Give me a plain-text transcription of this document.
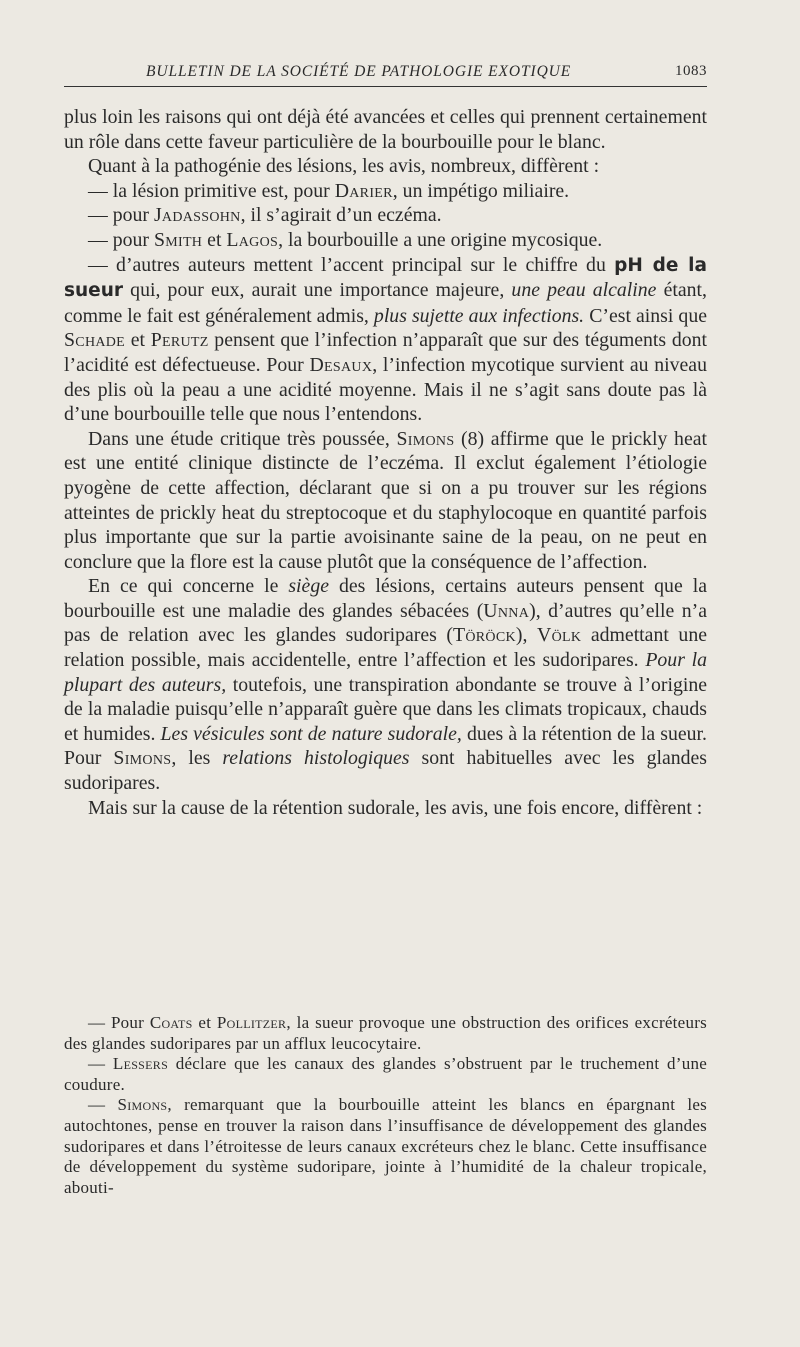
BULLETIN DE LA SOCIÉTÉ DE PATHOLOGIE EXOTIQUE	1083

plus loin les raisons qui ont déjà été avancées et celles qui prennent certainement un rôle dans cette faveur particulière de la bourbouille pour le blanc.

Quant à la pathogénie des lésions, les avis, nombreux, diffèrent :

— la lésion primitive est, pour Darier, un impétigo miliaire.

— pour Jadassohn, il s’agirait d’un eczéma.

— pour Smith et Lagos, la bourbouille a une origine mycosique.

— d’autres auteurs mettent l’accent principal sur le chiffre du pH de la sueur qui, pour eux, aurait une importance majeure, une peau alcaline étant, comme le fait est généralement admis, plus sujette aux infections. C’est ainsi que Schade et Perutz pensent que l’infection n’apparaît que sur des téguments dont l’acidité est défectueuse. Pour Desaux, l’infection mycotique survient au niveau des plis où la peau a une acidité moyenne. Mais il ne s’agit sans doute pas là d’une bourbouille telle que nous l’entendons.

Dans une étude critique très poussée, Simons (8) affirme que le prickly heat est une entité clinique distincte de l’eczéma. Il exclut également l’étiologie pyogène de cette affection, déclarant que si on a pu trouver sur les régions atteintes de prickly heat du streptocoque et du staphylocoque en quantité parfois plus importante que sur la partie avoisinante saine de la peau, on ne peut en conclure que la flore est la cause plutôt que la conséquence de l’affection.

En ce qui concerne le siège des lésions, certains auteurs pensent que la bourbouille est une maladie des glandes sébacées (Unna), d’autres qu’elle n’a pas de relation avec les glandes sudoripares (Töröck), Völk admettant une relation possible, mais accidentelle, entre l’affection et les sudoripares. Pour la plupart des auteurs, toutefois, une transpiration abondante se trouve à l’origine de la maladie puisqu’elle n’apparaît guère que dans les climats tropicaux, chauds et humides. Les vésicules sont de nature sudorale, dues à la rétention de la sueur. Pour Simons, les relations histologiques sont habituelles avec les glandes sudoripares.

Mais sur la cause de la rétention sudorale, les avis, une fois encore, diffèrent :

— Pour Coats et Pollitzer, la sueur provoque une obstruction des orifices excréteurs des glandes sudoripares par un afflux leucocytaire.

— Lessers déclare que les canaux des glandes s’obstruent par le truchement d’une coudure.

— Simons, remarquant que la bourbouille atteint les blancs en épargnant les autochtones, pense en trouver la raison dans l’insuffisance de développement des glandes sudoripares et dans l’étroitesse de leurs canaux excréteurs chez le blanc. Cette insuffisance de développement du système sudoripare, jointe à l’humidité de la chaleur tropicale, abouti-
